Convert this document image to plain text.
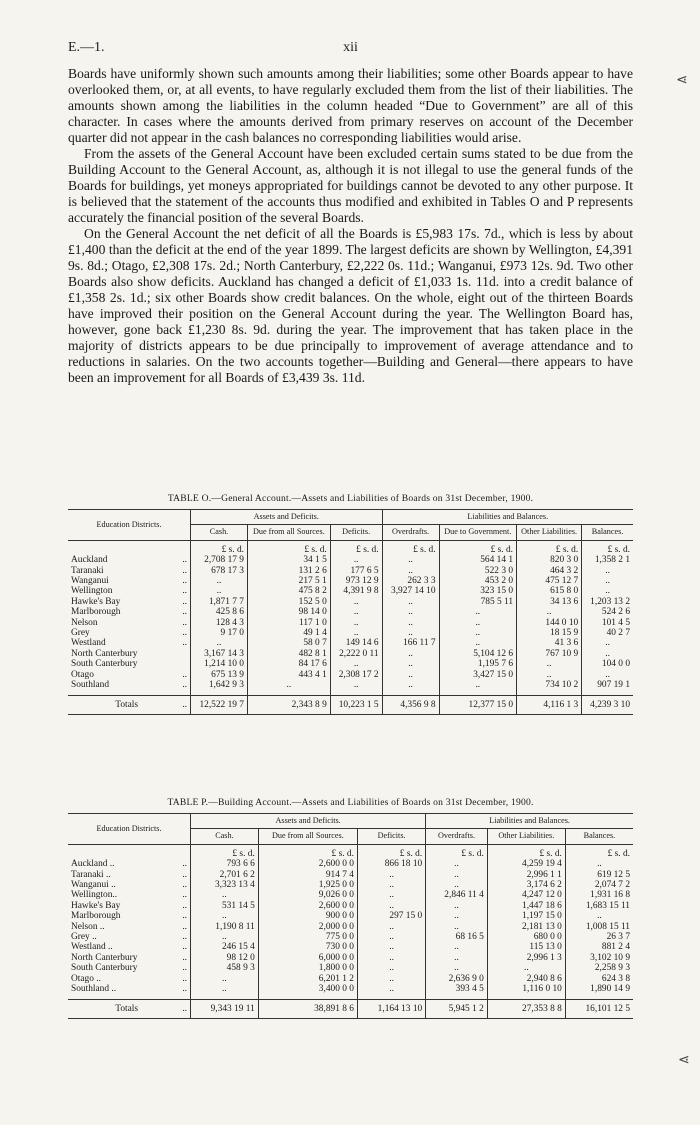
E.—1.	xii
⋖
⋖

Boards have uniformly shown such amounts among their liabilities; some other Boards appear to have overlooked them, or, at all events, to have regularly excluded them from the list of their liabilities. The amounts shown among the liabilities in the column headed “Due to Government” are all of this character. In cases where the amounts derived from primary reserves on account of the December quarter did not appear in the cash balances no corresponding liabilities would arise.

From the assets of the General Account have been excluded certain sums stated to be due from the Building Account to the General Account, as, although it is not illegal to use the general funds of the Boards for buildings, yet moneys appropriated for buildings cannot be devoted to any other purpose. It is believed that the statement of the accounts thus modified and exhibited in Tables O and P represents accurately the financial position of the several Boards.

On the General Account the net deficit of all the Boards is £5,983 17s. 7d., which is less by about £1,400 than the deficit at the end of the year 1899. The largest deficits are shown by Wellington, £4,391 9s. 8d.; Otago, £2,308 17s. 2d.; North Canterbury, £2,222 0s. 11d.; Wanganui, £973 12s. 9d. Two other Boards also show deficits. Auckland has changed a deficit of £1,033 1s. 11d. into a credit balance of £1,358 2s. 1d.; six other Boards show credit balances. On the whole, eight out of the thirteen Boards have improved their position on the General Account during the year. The Wellington Board has, however, gone back £1,230 8s. 9d. during the year. The improvement that has taken place in the majority of districts appears to be due principally to improvement of average attendance and to reductions in salaries. On the two accounts together—Building and General—there appears to have been an improvement for all Boards of £3,439 3s. 11d.

TABLE O.—General Account.—Assets and Liabilities of Boards on 31st December, 1900.
Education Districts.	Assets and Deficits.			Liabilities and Balances.			
	Cash.	Due from all Sources.	Deficits.	Overdrafts.	Due to Government.	Other Liabilities.	Balances.
	£ s. d.	£ s. d.	£ s. d.	£ s. d.	£ s. d.	£ s. d.	£ s. d.
Auckland ..	2,708 17 9	34 1 5	..	..	564 14 1	820 3 0	1,358 2 1
Taranaki ..	678 17 3	131 2 6	177 6 5	..	522 3 0	464 3 2	..
Wanganui ..	..	217 5 1	973 12 9	262 3 3	453 2 0	475 12 7	..
Wellington ..	..	475 8 2	4,391 9 8	3,927 14 10	323 15 0	615 8 0	..
Hawke's Bay ..	1,871 7 7	152 5 0	..	..	785 5 11	34 13 6	1,203 13 2
Marlborough ..	425 8 6	98 14 0	..	..	..	..	524 2 6
Nelson ..	128 4 3	117 1 0	..	..	..	144 0 10	101 4 5
Grey ..	9 17 0	49 1 4	..	..	..	18 15 9	40 2 7
Westland ..	..	58 0 7	149 14 6	166 11 7	..	41 3 6	..
North Canterbury	3,167 14 3	482 8 1	2,222 0 11	..	5,104 12 6	767 10 9	..
South Canterbury	1,214 10 0	84 17 6	..	..	1,195 7 6	..	104 0 0
Otago ..	675 13 9	443 4 1	2,308 17 2	..	3,427 15 0	..	..
Southland ..	1,642 9 3	..	..	..	..	734 10 2	907 19 1

Totals ..	12,522 19 7	2,343 8 9	10,223 1 5	4,356 9 8	12,377 15 0	4,116 1 3	4,239 3 10
TABLE P.—Building Account.—Assets and Liabilities of Boards on 31st December, 1900.
Education Districts.	Assets and Deficits.			Liabilities and Balances.		
	Cash.	Due from all Sources.	Deficits.	Overdrafts.	Other Liabilities.	Balances.
	£ s. d.	£ s. d.	£ s. d.	£ s. d.	£ s. d.	£ s. d.
Auckland .. ..	793 6 6	2,600 0 0	866 18 10	..	4,259 19 4	..
Taranaki .. ..	2,701 6 2	914 7 4	..	..	2,996 1 1	619 12 5
Wanganui .. ..	3,323 13 4	1,925 0 0	..	..	3,174 6 2	2,074 7 2
Wellington.. ..	..	9,026 0 0	..	2,846 11 4	4,247 12 0	1,931 16 8
Hawke's Bay ..	531 14 5	2,600 0 0	..	..	1,447 18 6	1,683 15 11
Marlborough ..	..	900 0 0	297 15 0	..	1,197 15 0	..
Nelson .. ..	1,190 8 11	2,000 0 0	..	..	2,181 13 0	1,008 15 11
Grey .. ..	..	775 0 0	..	68 16 5	680 0 0	26 3 7
Westland .. ..	246 15 4	730 0 0	..	..	115 13 0	881 2 4
North Canterbury ..	98 12 0	6,000 0 0	..	..	2,996 1 3	3,102 10 9
South Canterbury ..	458 9 3	1,800 0 0	..	..	..	2,258 9 3
Otago .. ..	..	6,201 1 2	..	2,636 9 0	2,940 8 6	624 3 8
Southland .. ..	..	3,400 0 0	..	393 4 5	1,116 0 10	1,890 14 9

Totals ..	9,343 19 11	38,891 8 6	1,164 13 10	5,945 1 2	27,353 8 8	16,101 12 5
